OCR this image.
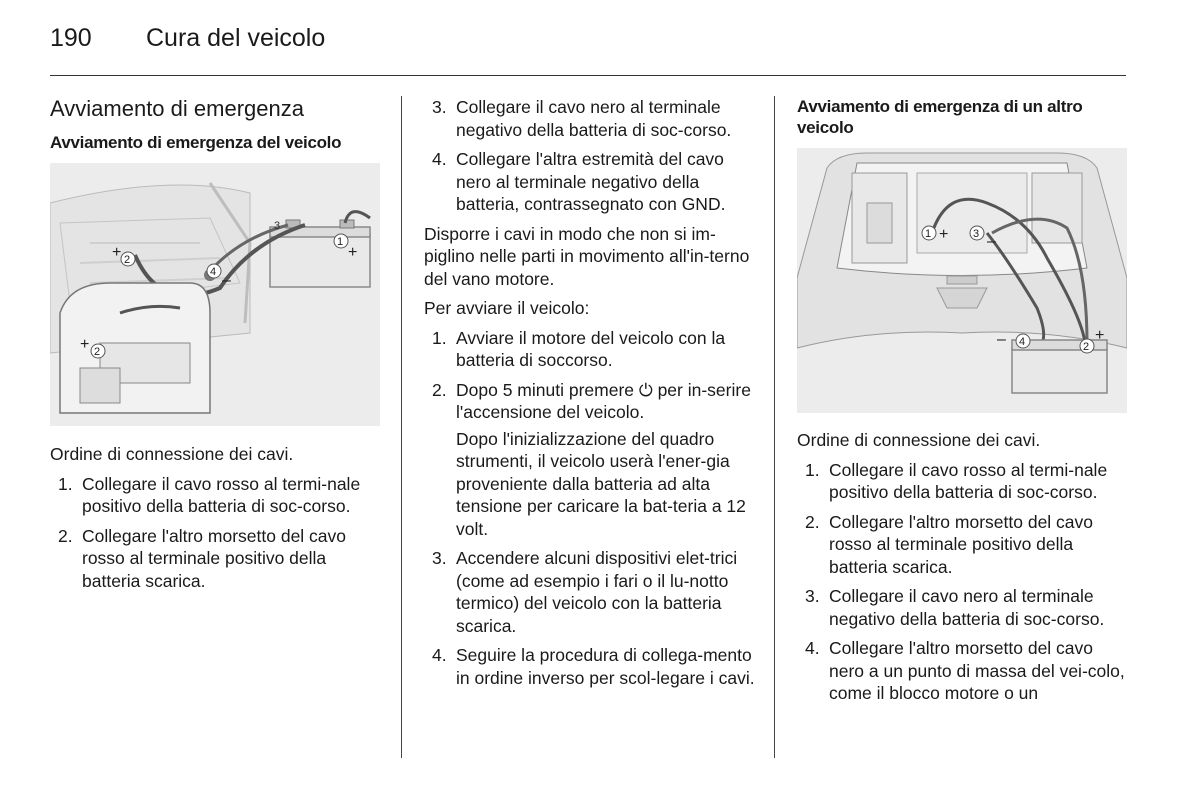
190 Cura del veicolo
Avviamento di emergenza
Avviamento di emergenza del veicolo
3
1
+
2
+
4 –
2
+

Ordine di connessione dei cavi.

1. Collegare il cavo rosso al termi-nale positivo della batteria di soc-corso.
2. Collegare l'altro morsetto del cavo rosso al terminale positivo della batteria scarica.
3. Collegare il cavo nero al terminale negativo della batteria di soc-corso.
4. Collegare l'altra estremità del cavo nero al terminale negativo della batteria, contrassegnato con GND.

Disporre i cavi in modo che non si im-piglino nelle parti in movimento all'in-terno del vano motore.

Per avviare il veicolo:

1. Avviare il motore del veicolo con la batteria di soccorso.
2. Dopo 5 minuti premere ⏻ per in-serire l'accensione del veicolo.
Dopo l'inizializzazione del quadro strumenti, il veicolo userà l'ener-gia proveniente dalla batteria ad alta tensione per caricare la bat-teria a 12 volt.
3. Accendere alcuni dispositivi elet-trici (come ad esempio i fari o il lu-notto termico) del veicolo con la batteria scarica.
4. Seguire la procedura di collega-mento in ordine inverso per scol-legare i cavi.
Avviamento di emergenza di un altro veicolo
1 + 3 –
4
–	2
+

Ordine di connessione dei cavi.

1. Collegare il cavo rosso al termi-nale positivo della batteria di soc-corso.
2. Collegare l'altro morsetto del cavo rosso al terminale positivo della batteria scarica.
3. Collegare il cavo nero al terminale negativo della batteria di soc-corso.
4. Collegare l'altro morsetto del cavo nero a un punto di massa del vei-colo, come il blocco motore o un
